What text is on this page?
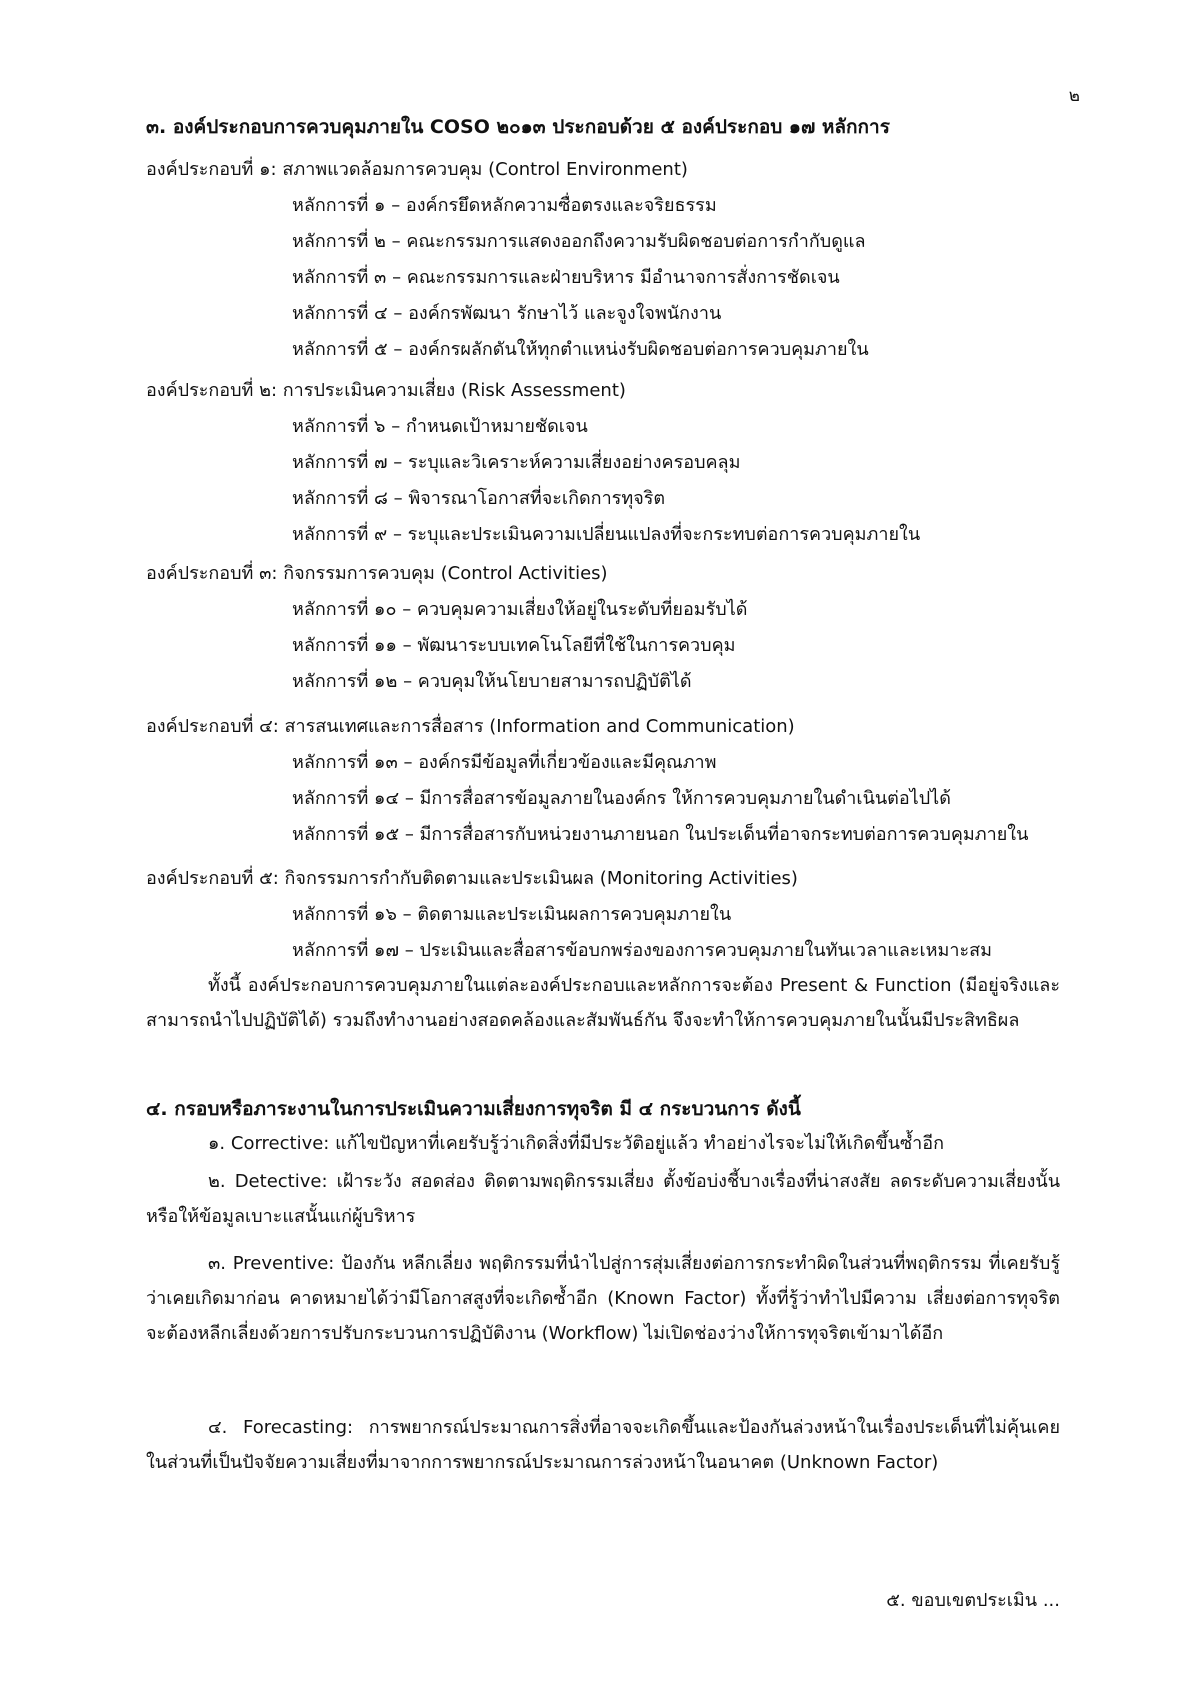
๒
๓. องค์ประกอบการควบคุมภายใน COSO ๒๐๑๓ ประกอบด้วย ๕ องค์ประกอบ ๑๗ หลักการ
องค์ประกอบที่ ๑: สภาพแวดล้อมการควบคุม (Control Environment)
หลักการที่ ๑ – องค์กรยึดหลักความซื่อตรงและจริยธรรม
หลักการที่ ๒ – คณะกรรมการแสดงออกถึงความรับผิดชอบต่อการกำกับดูแล
หลักการที่ ๓ – คณะกรรมการและฝ่ายบริหาร มีอำนาจการสั่งการชัดเจน
หลักการที่ ๔ – องค์กรพัฒนา รักษาไว้ และจูงใจพนักงาน
หลักการที่ ๕ – องค์กรผลักดันให้ทุกตำแหน่งรับผิดชอบต่อการควบคุมภายใน
องค์ประกอบที่ ๒: การประเมินความเสี่ยง (Risk Assessment)
หลักการที่ ๖ – กำหนดเป้าหมายชัดเจน
หลักการที่ ๗ – ระบุและวิเคราะห์ความเสี่ยงอย่างครอบคลุม
หลักการที่ ๘ – พิจารณาโอกาสที่จะเกิดการทุจริต
หลักการที่ ๙ – ระบุและประเมินความเปลี่ยนแปลงที่จะกระทบต่อการควบคุมภายใน
องค์ประกอบที่ ๓: กิจกรรมการควบคุม (Control Activities)
หลักการที่ ๑๐ – ควบคุมความเสี่ยงให้อยู่ในระดับที่ยอมรับได้
หลักการที่ ๑๑ – พัฒนาระบบเทคโนโลยีที่ใช้ในการควบคุม
หลักการที่ ๑๒ – ควบคุมให้นโยบายสามารถปฏิบัติได้
องค์ประกอบที่ ๔: สารสนเทศและการสื่อสาร (Information and Communication)
หลักการที่ ๑๓ – องค์กรมีข้อมูลที่เกี่ยวข้องและมีคุณภาพ
หลักการที่ ๑๔ – มีการสื่อสารข้อมูลภายในองค์กร ให้การควบคุมภายในดำเนินต่อไปได้
หลักการที่ ๑๕ – มีการสื่อสารกับหน่วยงานภายนอก ในประเด็นที่อาจกระทบต่อการควบคุมภายใน
องค์ประกอบที่ ๕: กิจกรรมการกำกับติดตามและประเมินผล (Monitoring Activities)
หลักการที่ ๑๖ – ติดตามและประเมินผลการควบคุมภายใน
หลักการที่ ๑๗ – ประเมินและสื่อสารข้อบกพร่องของการควบคุมภายในทันเวลาและเหมาะสม
ทั้งนี้ องค์ประกอบการควบคุมภายในแต่ละองค์ประกอบและหลักการจะต้อง Present & Function (มีอยู่จริงและสามารถนำไปปฏิบัติได้) รวมถึงทำงานอย่างสอดคล้องและสัมพันธ์กัน จึงจะทำให้การควบคุมภายในนั้นมีประสิทธิผล
๔. กรอบหรือภาระงานในการประเมินความเสี่ยงการทุจริต มี ๔ กระบวนการ ดังนี้
๑. Corrective: แก้ไขปัญหาที่เคยรับรู้ว่าเกิดสิ่งที่มีประวัติอยู่แล้ว ทำอย่างไรจะไม่ให้เกิดขึ้นซ้ำอีก
๒. Detective: เฝ้าระวัง สอดส่อง ติดตามพฤติกรรมเสี่ยง ตั้งข้อบ่งชี้บางเรื่องที่น่าสงสัย ลดระดับความเสี่ยงนั้น หรือให้ข้อมูลเบาะแสนั้นแก่ผู้บริหาร
๓. Preventive: ป้องกัน หลีกเลี่ยง พฤติกรรมที่นำไปสู่การสุ่มเสี่ยงต่อการกระทำผิดในส่วนที่พฤติกรรม ที่เคยรับรู้ว่าเคยเกิดมาก่อน คาดหมายได้ว่ามีโอกาสสูงที่จะเกิดซ้ำอีก (Known Factor) ทั้งที่รู้ว่าทำไปมีความ เสี่ยงต่อการทุจริต จะต้องหลีกเลี่ยงด้วยการปรับกระบวนการปฏิบัติงาน (Workflow) ไม่เปิดช่องว่างให้การทุจริตเข้ามาได้อีก
๔. Forecasting: การพยากรณ์ประมาณการสิ่งที่อาจจะเกิดขึ้นและป้องกันล่วงหน้าในเรื่องประเด็นที่ไม่คุ้นเคยในส่วนที่เป็นปัจจัยความเสี่ยงที่มาจากการพยากรณ์ประมาณการล่วงหน้าในอนาคต (Unknown Factor)
๕. ขอบเขตประเมิน ...
